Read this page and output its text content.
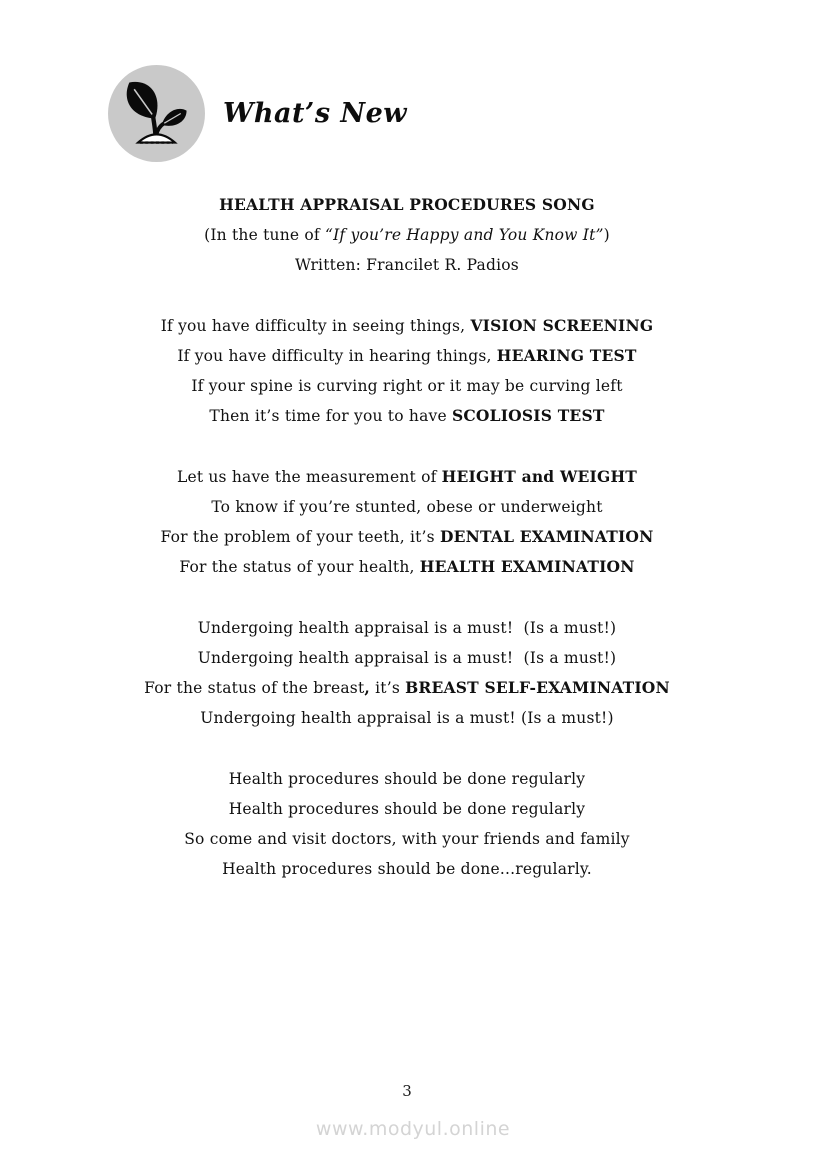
What’s New
HEALTH APPRAISAL PROCEDURES SONG
(In the tune of “If you’re Happy and You Know It”)
Written: Francilet R. Padios
If you have difficulty in seeing things, VISION SCREENING
If you have difficulty in hearing things, HEARING TEST
If your spine is curving right or it may be curving left
Then it’s time for you to have SCOLIOSIS TEST
Let us have the measurement of HEIGHT and WEIGHT
To know if you’re stunted, obese or underweight
For the problem of your teeth, it’s DENTAL EXAMINATION
For the status of your health, HEALTH EXAMINATION
Undergoing health appraisal is a must!  (Is a must!)
Undergoing health appraisal is a must!  (Is a must!)
For the status of the breast, it’s BREAST SELF-EXAMINATION
Undergoing health appraisal is a must! (Is a must!)
Health procedures should be done regularly
Health procedures should be done regularly
So come and visit doctors, with your friends and family
Health procedures should be done...regularly.
3
www.modyul.online
